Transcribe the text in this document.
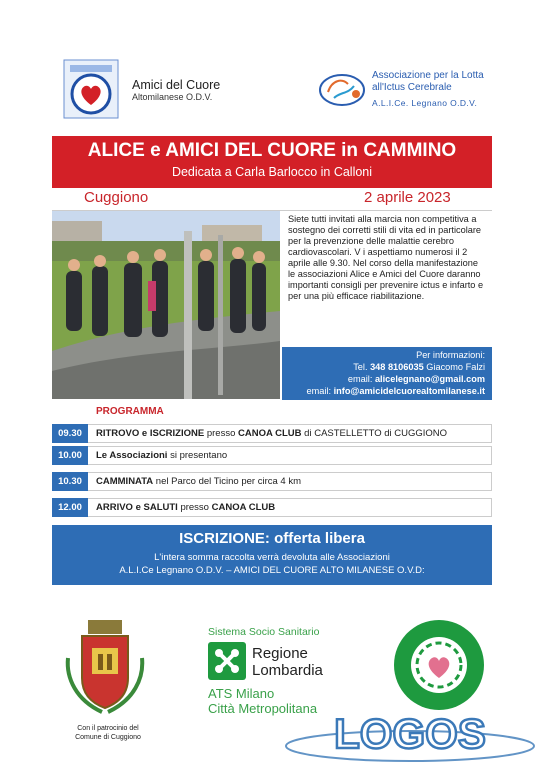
Amici del Cuore
Altomilanese O.D.V.
Associazione per la Lotta
all'Ictus Cerebrale
A.L.I.Ce. Legnano O.D.V.
ALICE e AMICI DEL CUORE in CAMMINO
Dedicata a Carla Barlocco in Calloni
Cuggiono	2 aprile 2023
Siete tutti invitati alla marcia non competitiva a sostegno dei corretti stili di vita ed in particolare per la prevenzione delle malattie cerebro cardiovascolari. V i aspettiamo numerosi il 2 aprile alle 9.30. Nel corso della manifestazione le associazioni Alice e Amici del Cuore daranno importanti consigli per prevenire ictus e infarto e per una più efficace riabilitazione.
Per informazioni:
Tel. 348 8106035 Giacomo Falzi
email: alicelegnano@gmail.com
email: info@amicidelcuorealtomilanese.it
PROGRAMMA
09.30	RITROVO e ISCRIZIONE presso CANOA CLUB di CASTELLETTO di CUGGIONO
10.00	Le Associazioni si presentano
10.30	CAMMINATA nel Parco del Ticino per circa 4 km
12.00	ARRIVO e SALUTI presso CANOA CLUB
ISCRIZIONE: offerta libera
L'intera somma raccolta verrà devoluta alle Associazioni
A.L.I.Ce Legnano O.D.V. – AMICI DEL CUORE ALTO MILANESE O.V.D:
Con il patrocinio del
Comune di Cuggiono
Sistema Socio Sanitario
Regione
Lombardia
ATS Milano
Città Metropolitana
LOGOS
